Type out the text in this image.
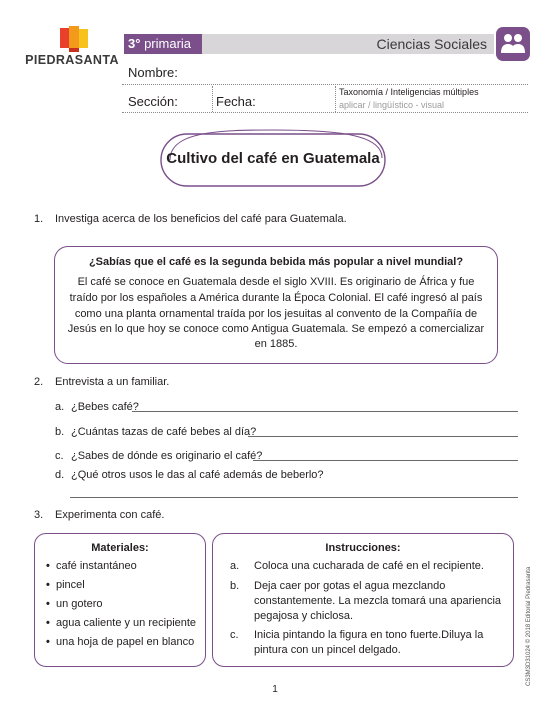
PIEDRASANTA
3° primaria	Ciencias Sociales
Nombre:
Sección:	Fecha:
Taxonomía / Inteligencias múltiples
aplicar / lingüístico - visual
Cultivo del café en Guatemala
1. Investiga acerca de los beneficios del café para Guatemala.
¿Sabías que el café es la segunda bebida más popular a nivel mundial?
El café se conoce en Guatemala desde el siglo XVIII. Es originario de África y fue
traído por los españoles a América durante la Época Colonial. El café ingresó al país
como una planta ornamental traída por los jesuitas al convento de la Compañía de
Jesús en lo que hoy se conoce como Antigua Guatemala. Se empezó a comercializar
en 1885.
2. Entrevista a un familiar.
a. ¿Bebes café?
b. ¿Cuántas tazas de café bebes al día?
c. ¿Sabes de dónde es originario el café?
d. ¿Qué otros usos le das al café además de beberlo?
3. Experimenta con café.
Materiales:
• café instantáneo
• pincel
• un gotero
• agua caliente y un recipiente
• una hoja de papel en blanco
Instrucciones:
a. Coloca una cucharada de café en el recipiente.
b. Deja caer por gotas el agua mezclando
constantemente. La mezcla tomará una apariencia
pegajosa y chiclosa.
c. Inicia pintando la figura en tono fuerte.Diluya la
pintura con un pincel delgado.	CS3M3D31024 © 2018 Editorial Piedrasanta
1
